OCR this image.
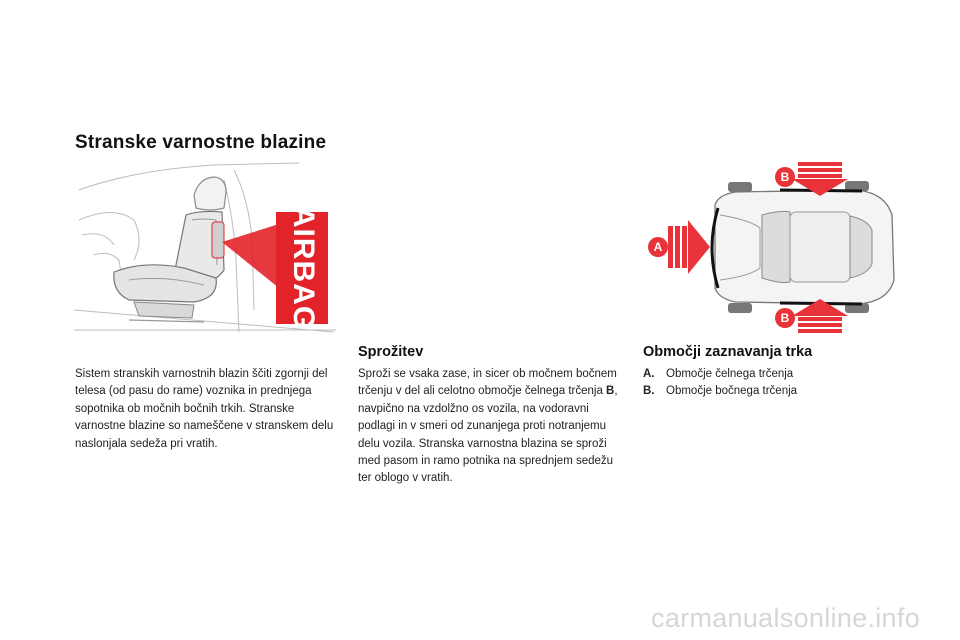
Stranske varnostne blazine
AIRBAG	A
B
B

Sistem stranskih varnostnih blazin ščiti zgornji del telesa (od pasu do rame) voznika in prednjega sopotnika ob močnih bočnih trkih. Stranske varnostne blazine so nameščene v stranskem delu naslonjala sedeža pri vratih.

Sprožitev

Sproži se vsaka zase, in sicer ob močnem bočnem trčenju v del ali celotno območje čelnega trčenja B, navpično na vzdolžno os vozila, na vodoravni podlagi in v smeri od zunanjega proti notranjemu delu vozila. Stranska varnostna blazina se sproži med pasom in ramo potnika na sprednjem sedežu ter oblogo v vratih.

Območji zaznavanja trka
A.	Območje čelnega trčenja
B.	Območje bočnega trčenja
carmanualsonline.info
